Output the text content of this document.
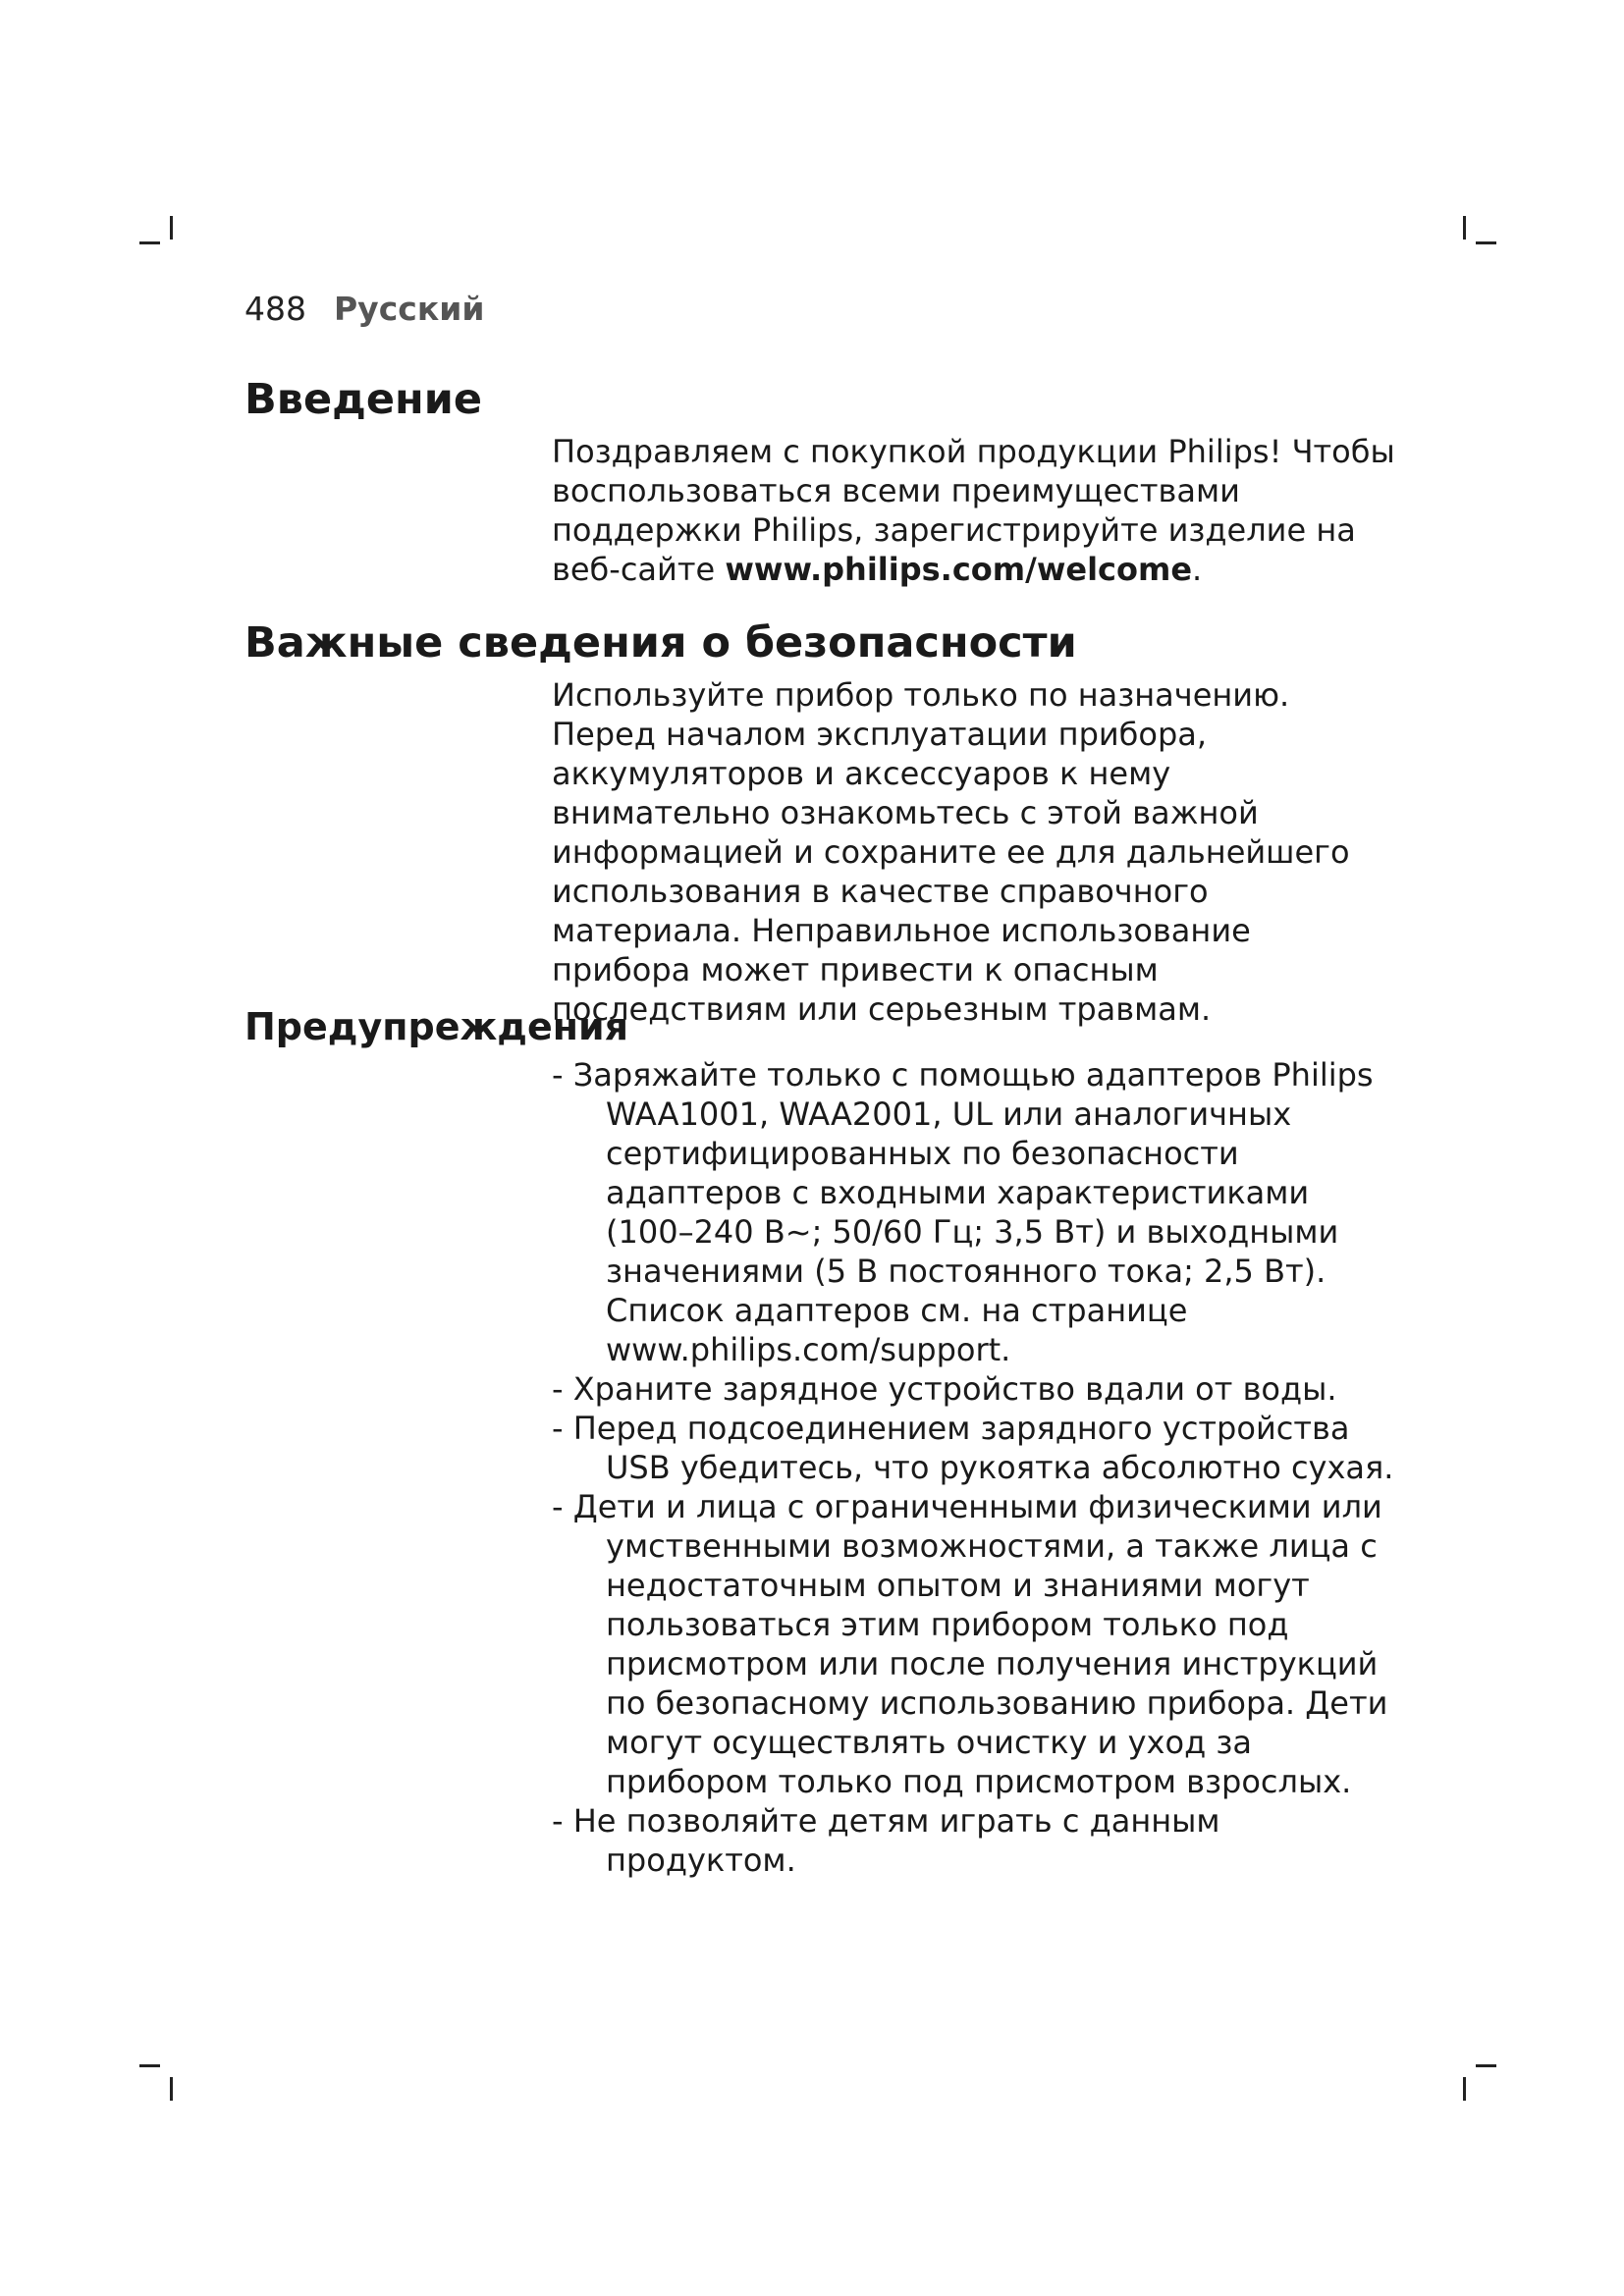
488 Русский
Введение

Поздравляем с покупкой продукции Philips! Чтобы воспользоваться всеми преимуществами поддержки Philips, зарегистрируйте изделие на веб-сайте www.philips.com/welcome.

Важные сведения о безопасности

Используйте прибор только по назначению. Перед началом эксплуатации прибора, аккумуляторов и аксессуаров к нему внимательно ознакомьтесь с этой важной информацией и сохраните ее для дальнейшего использования в качестве справочного материала. Неправильное использование прибора может привести к опасным последствиям или серьезным травмам.

Предупреждения
- Заряжайте только с помощью адаптеров Philips WAA1001, WAA2001, UL или аналогичных сертифицированных по безопасности адаптеров с входными характеристиками (100–240 В~; 50/60 Гц; 3,5 Вт) и выходными значениями (5 В постоянного тока; 2,5 Вт). Список адаптеров см. на странице www.philips.com/support.
- Храните зарядное устройство вдали от воды.
- Перед подсоединением зарядного устройства USB убедитесь, что рукоятка абсолютно сухая.
- Дети и лица с ограниченными физическими или умственными возможностями, а также лица с недостаточным опытом и знаниями могут пользоваться этим прибором только под присмотром или после получения инструкций по безопасному использованию прибора. Дети могут осуществлять очистку и уход за прибором только под присмотром взрослых.
- Не позволяйте детям играть с данным продуктом.
